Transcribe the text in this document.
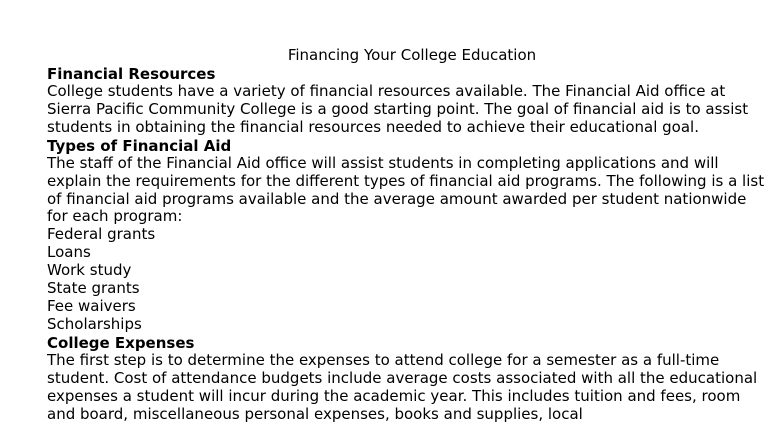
Financing Your College Education

Financial Resources

College students have a variety of financial resources available. The Financial Aid office at Sierra Pacific Community College is a good starting point. The goal of financial aid is to assist students in obtaining the financial resources needed to achieve their educational goal.

Types of Financial Aid

The staff of the Financial Aid office will assist students in completing applications and will explain the requirements for the different types of financial aid programs. The following is a list of financial aid programs available and the average amount awarded per student nationwide for each program:

Federal grants
Loans
Work study
State grants
Fee waivers
Scholarships

College Expenses

The first step is to determine the expenses to attend college for a semester as a full-time student. Cost of attendance budgets include average costs associated with all the educational expenses a student will incur during the academic year. This includes tuition and fees, room and board, miscellaneous personal expenses, books and supplies, local
